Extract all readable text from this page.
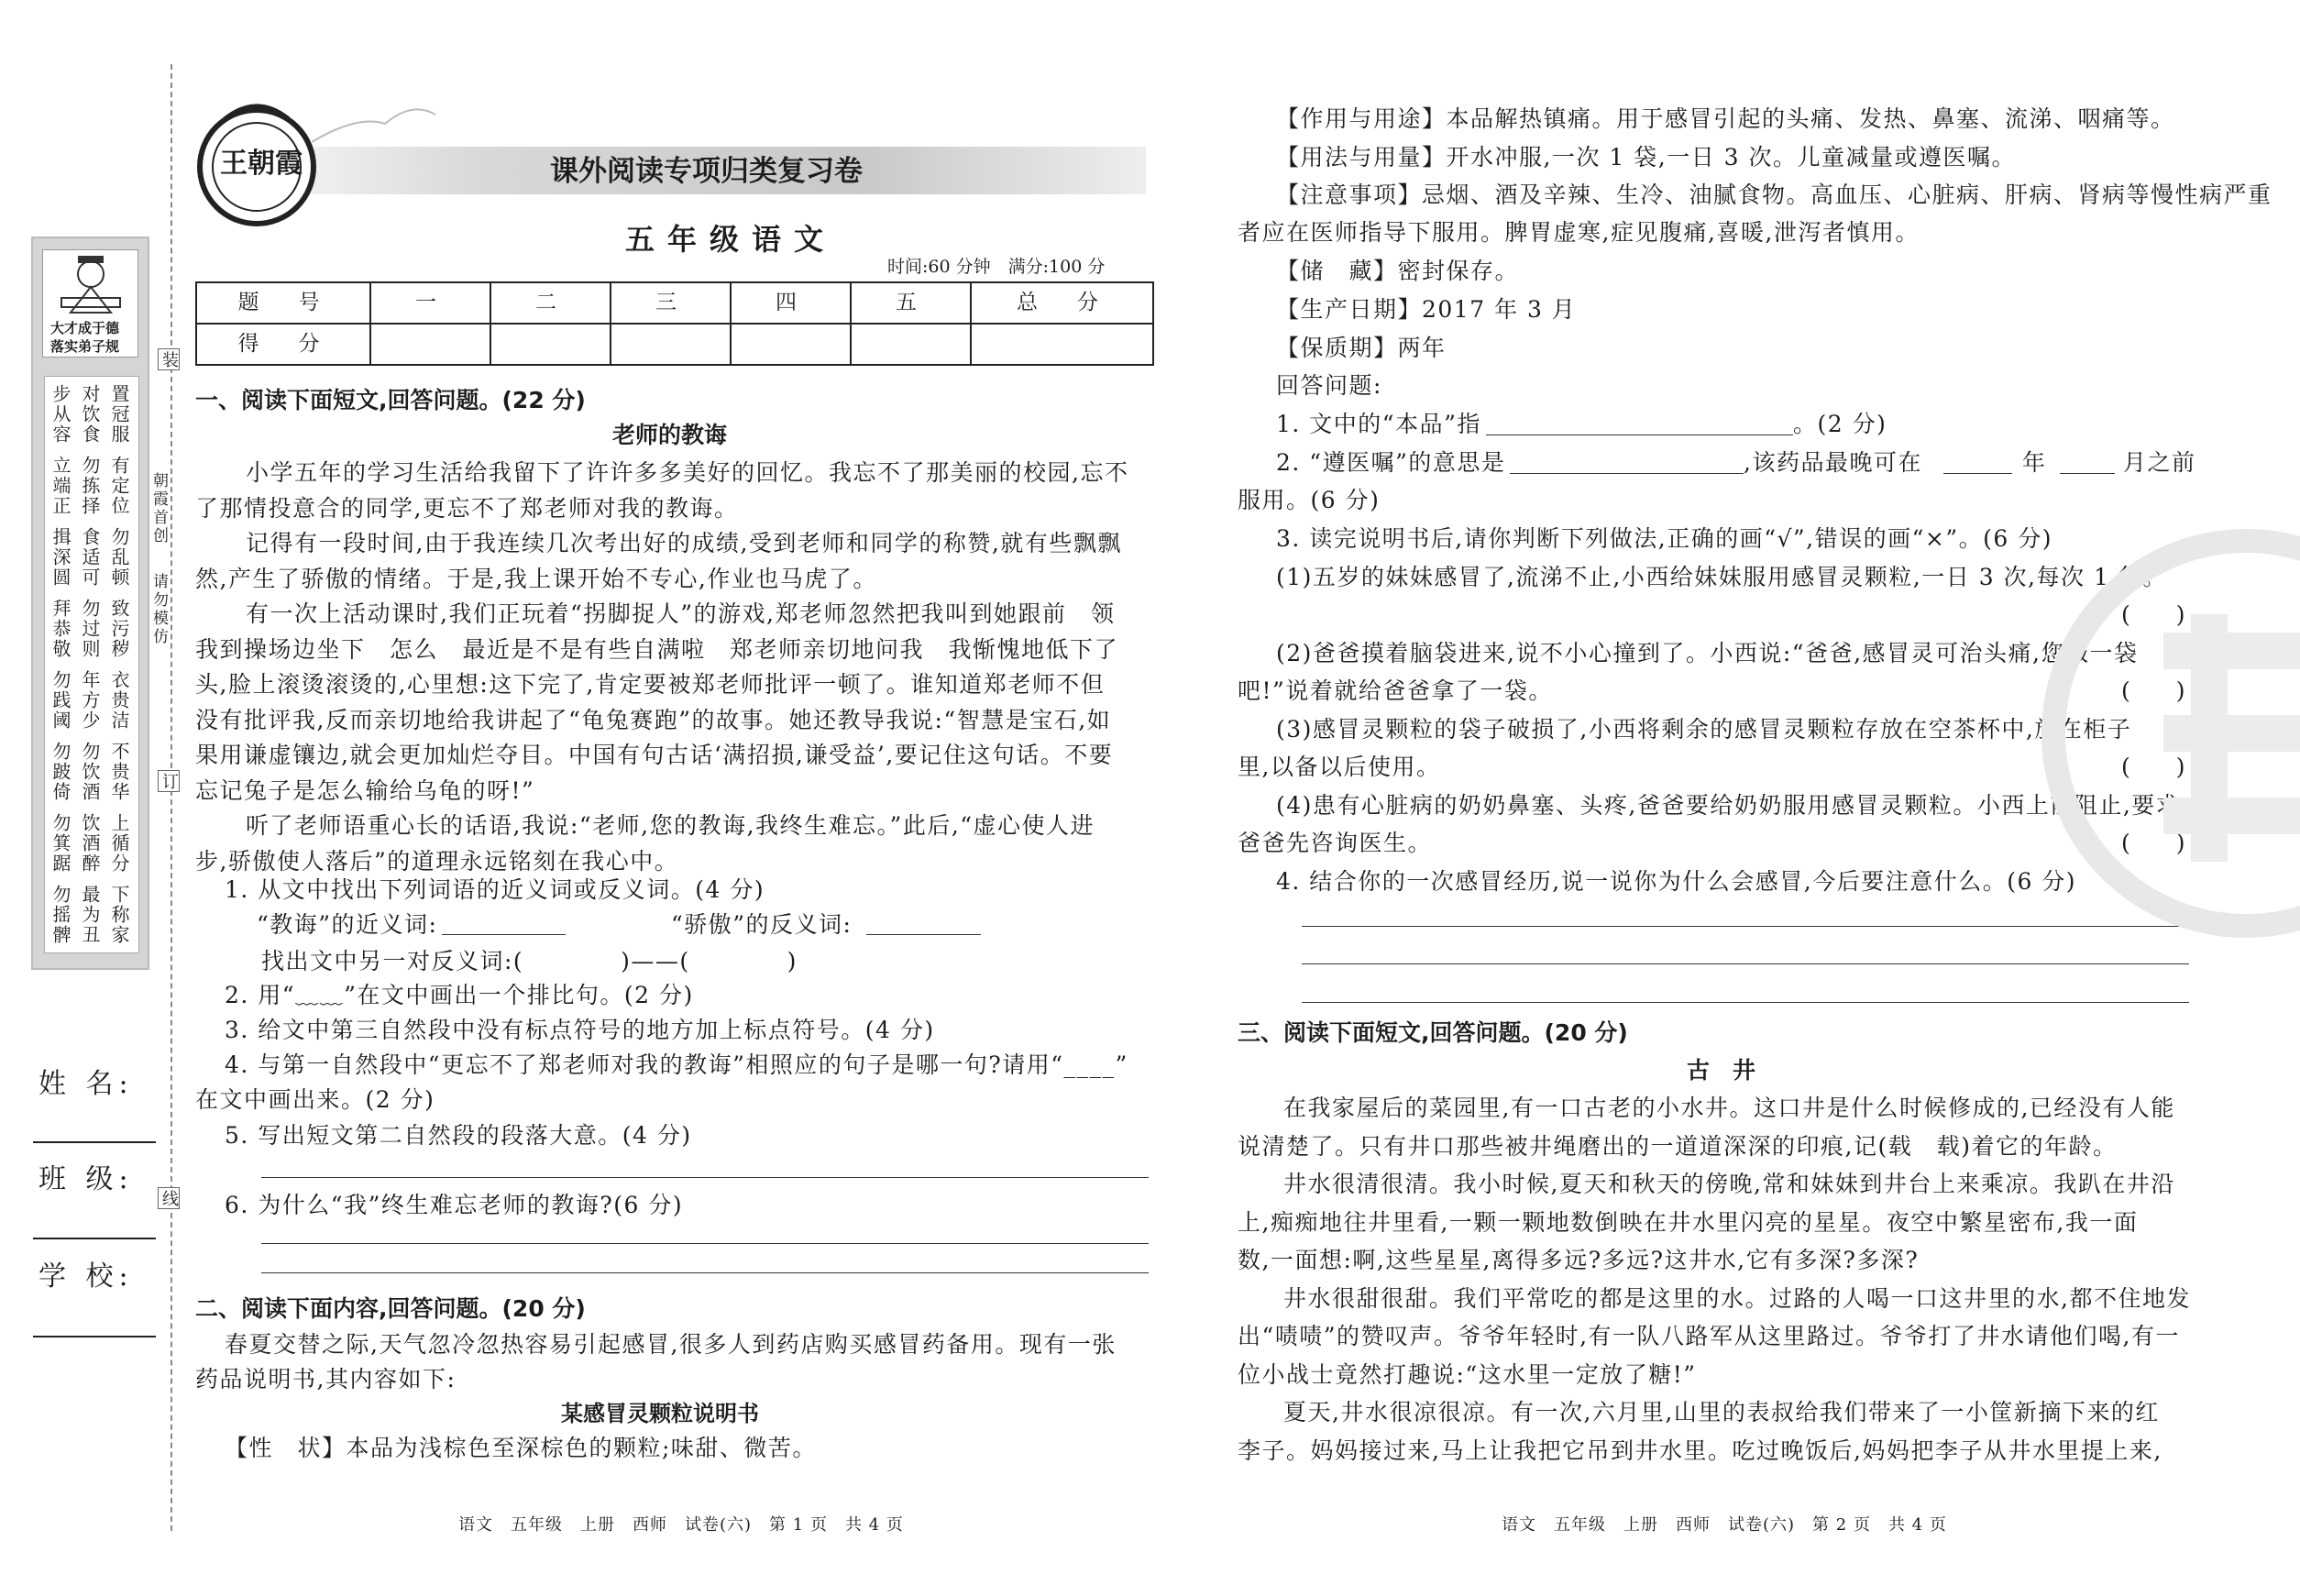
装
订
线
朝霞首创
请勿模仿
大才成于德
落实弟子规
步从容 对饮食 置冠服
立端正 勿拣择 有定位
揖深圆 食适可 勿乱顿
拜恭敬 勿过则 致污秽
勿践阈 年方少 衣贵洁
勿跛倚 勿饮酒 不贵华
勿箕踞 饮酒醉 上循分
勿摇髀 最为丑 下称家
姓 名:
班 级:
学 校:
王朝霞	课外阅读专项归类复习卷
五年级语文
时间:60 分钟　满分:100 分
题　号	一	二	三	四	五	总　分
得　分						
一、阅读下面短文,回答问题。(22 分)
老师的教诲
小学五年的学习生活给我留下了许许多多美好的回忆。我忘不了那美丽的校园,忘不
了那情投意合的同学,更忘不了郑老师对我的教诲。
记得有一段时间,由于我连续几次考出好的成绩,受到老师和同学的称赞,就有些飘飘
然,产生了骄傲的情绪。于是,我上课开始不专心,作业也马虎了。
有一次上活动课时,我们正玩着“拐脚捉人”的游戏,郑老师忽然把我叫到她跟前　领
我到操场边坐下　怎么　最近是不是有些自满啦　郑老师亲切地问我　我惭愧地低下了
头,脸上滚烫滚烫的,心里想:这下完了,肯定要被郑老师批评一顿了。谁知道郑老师不但
没有批评我,反而亲切地给我讲起了“龟兔赛跑”的故事。她还教导我说:“智慧是宝石,如
果用谦虚镶边,就会更加灿烂夺目。中国有句古话‘满招损,谦受益’,要记住这句话。不要
忘记兔子是怎么输给乌龟的呀!”
听了老师语重心长的话语,我说:“老师,您的教诲,我终生难忘。”此后,“虚心使人进
步,骄傲使人落后”的道理永远铭刻在我心中。
1. 从文中找出下列词语的近义词或反义词。(4 分)
“教诲”的近义词:	“骄傲”的反义词:
找出文中另一对反义词:(　　　　)——(　　　　)
2. 用“﹏﹏”在文中画出一个排比句。(2 分)
3. 给文中第三自然段中没有标点符号的地方加上标点符号。(4 分)
4. 与第一自然段中“更忘不了郑老师对我的教诲”相照应的句子是哪一句?请用“____”
在文中画出来。(2 分)
5. 写出短文第二自然段的段落大意。(4 分)
6. 为什么“我”终生难忘老师的教诲?(6 分)
二、阅读下面内容,回答问题。(20 分)
春夏交替之际,天气忽冷忽热容易引起感冒,很多人到药店购买感冒药备用。现有一张
药品说明书,其内容如下:
某感冒灵颗粒说明书
【性　状】本品为浅棕色至深棕色的颗粒;味甜、微苦。
【作用与用途】本品解热镇痛。用于感冒引起的头痛、发热、鼻塞、流涕、咽痛等。
【用法与用量】开水冲服,一次 1 袋,一日 3 次。儿童减量或遵医嘱。
【注意事项】忌烟、酒及辛辣、生冷、油腻食物。高血压、心脏病、肝病、肾病等慢性病严重
者应在医师指导下服用。脾胃虚寒,症见腹痛,喜暖,泄泻者慎用。
【储　藏】密封保存。
【生产日期】2017 年 3 月
【保质期】两年
回答问题:
1. 文中的“本品”指	。(2 分)
2. “遵医嘱”的意思是	,该药品最晚可在	年	月之前
服用。(6 分)
3. 读完说明书后,请你判断下列做法,正确的画“√”,错误的画“×”。(6 分)
(1)五岁的妹妹感冒了,流涕不止,小西给妹妹服用感冒灵颗粒,一日 3 次,每次 1 袋。
(　　)
(2)爸爸摸着脑袋进来,说不小心撞到了。小西说:“爸爸,感冒灵可治头痛,您服一袋
吧!”说着就给爸爸拿了一袋。	(　　)
(3)感冒灵颗粒的袋子破损了,小西将剩余的感冒灵颗粒存放在空茶杯中,放在柜子
里,以备以后使用。	(　　)
(4)患有心脏病的奶奶鼻塞、头疼,爸爸要给奶奶服用感冒灵颗粒。小西上前阻止,要求
爸爸先咨询医生。	(　　)
4. 结合你的一次感冒经历,说一说你为什么会感冒,今后要注意什么。(6 分)
三、阅读下面短文,回答问题。(20 分)
古　井
在我家屋后的菜园里,有一口古老的小水井。这口井是什么时候修成的,已经没有人能
说清楚了。只有井口那些被井绳磨出的一道道深深的印痕,记(载　载)着它的年龄。
井水很清很清。我小时候,夏天和秋天的傍晚,常和妹妹到井台上来乘凉。我趴在井沿
上,痴痴地往井里看,一颗一颗地数倒映在井水里闪亮的星星。夜空中繁星密布,我一面
数,一面想:啊,这些星星,离得多远?多远?这井水,它有多深?多深?
井水很甜很甜。我们平常吃的都是这里的水。过路的人喝一口这井里的水,都不住地发
出“啧啧”的赞叹声。爷爷年轻时,有一队八路军从这里路过。爷爷打了井水请他们喝,有一
位小战士竟然打趣说:“这水里一定放了糖!”
夏天,井水很凉很凉。有一次,六月里,山里的表叔给我们带来了一小筐新摘下来的红
李子。妈妈接过来,马上让我把它吊到井水里。吃过晚饭后,妈妈把李子从井水里提上来,
语文　五年级　上册　西师　试卷(六)　第 1 页　共 4 页	语文　五年级　上册　西师　试卷(六)　第 2 页　共 4 页
